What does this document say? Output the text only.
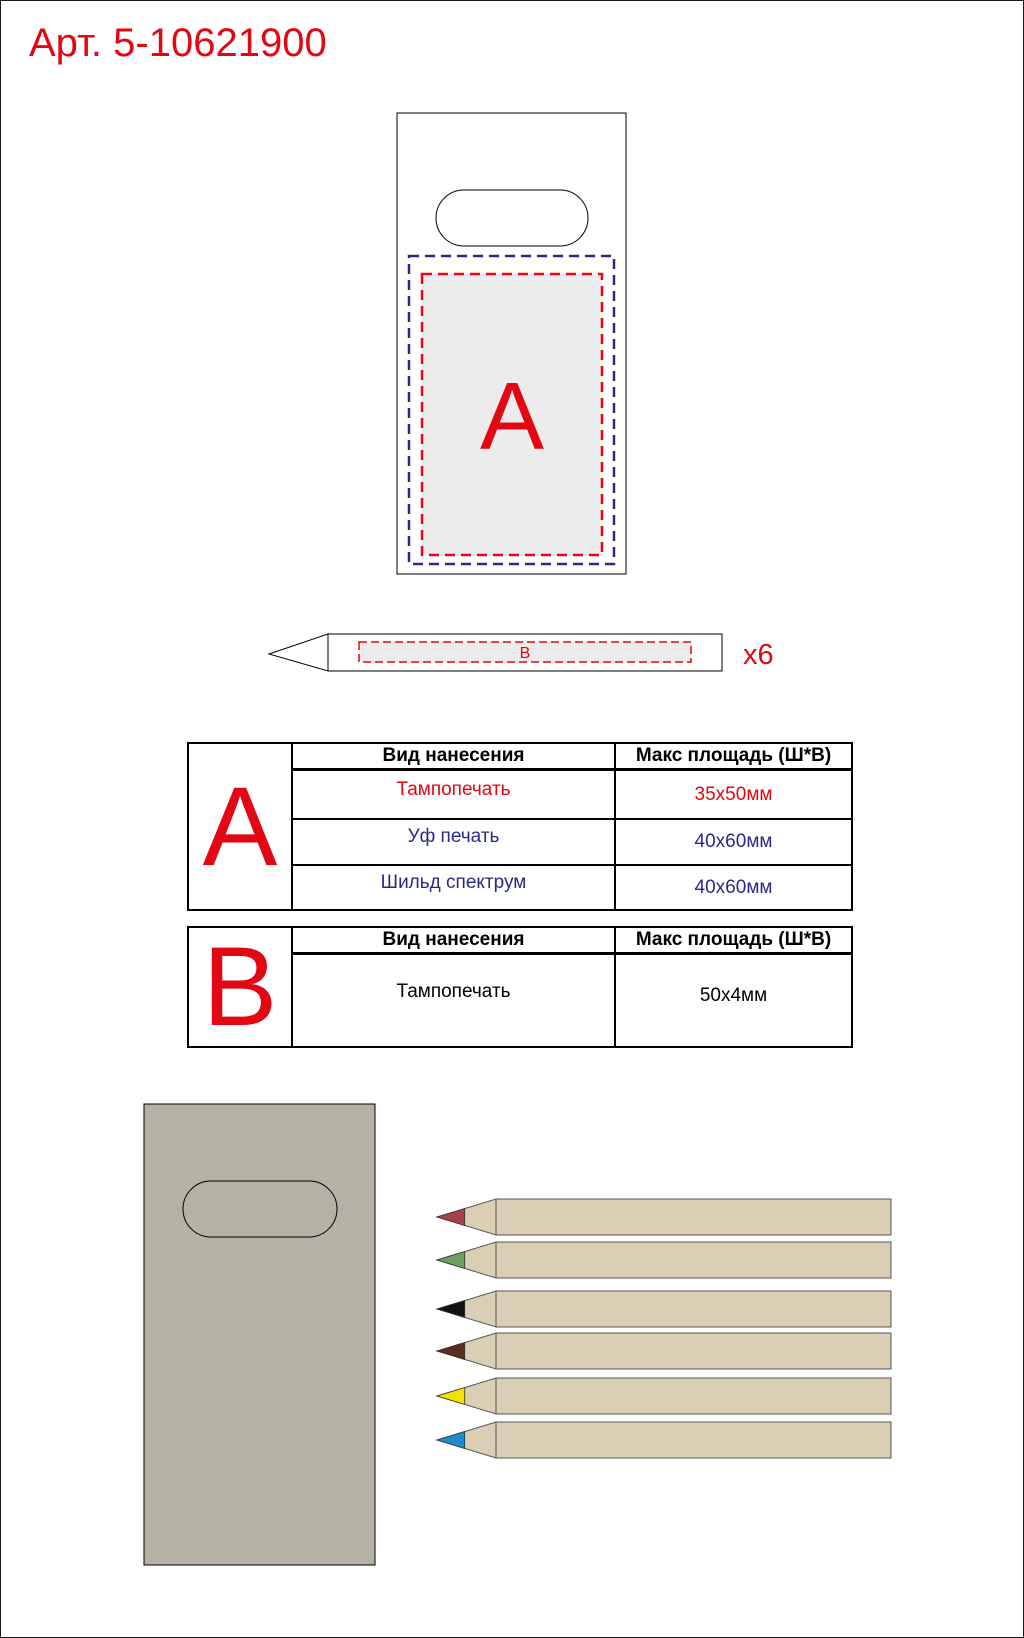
Арт. 5-10621900
A
B	x6
A
Вид нанесения	Макс площадь (Ш*В)
Тампопечать	35x50мм
Уф печать	40x60мм
Шильд спектрум	40x60мм
B	Вид нанесения	Макс площадь (Ш*В)
Тампопечать	50x4мм
